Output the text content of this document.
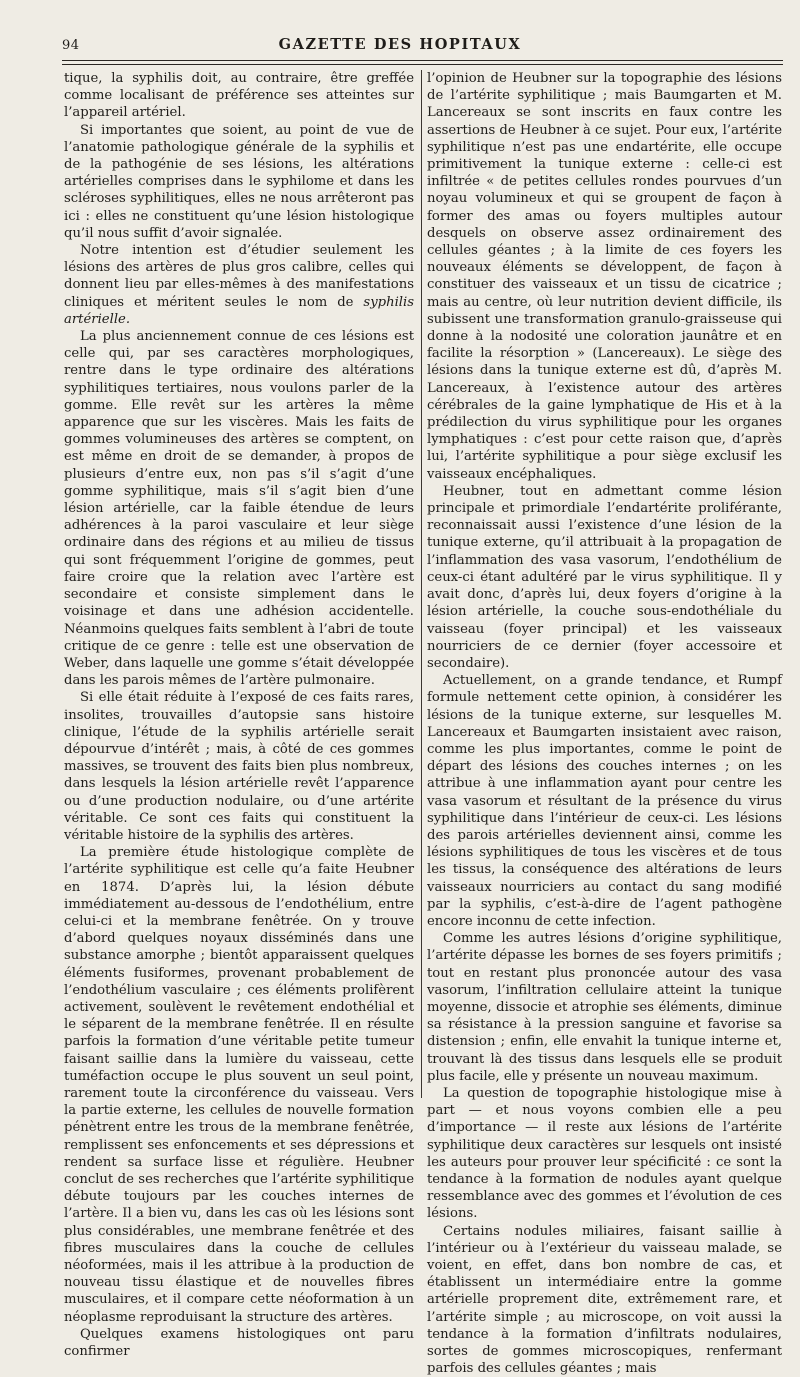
94	GAZETTE DES HOPITAUX

tique, la syphilis doit, au contraire, être greffée comme localisant de préférence ses atteintes sur l’appareil artériel.

Si importantes que soient, au point de vue de l’anatomie pathologique générale de la syphilis et de la pathogénie de ses lésions, les altérations artérielles comprises dans le syphilome et dans les scléroses syphilitiques, elles ne nous arrêteront pas ici : elles ne constituent qu’une lésion histologique qu’il nous suffit d’avoir signalée.

Notre intention est d’étudier seulement les lésions des artères de plus gros calibre, celles qui donnent lieu par elles-mêmes à des manifestations cliniques et méritent seules le nom de syphilis artérielle.

La plus anciennement connue de ces lésions est celle qui, par ses caractères morphologiques, rentre dans le type ordinaire des altérations syphilitiques tertiaires, nous voulons parler de la gomme. Elle revêt sur les artères la même apparence que sur les viscères. Mais les faits de gommes volumineuses des artères se comptent, on est même en droit de se demander, à propos de plusieurs d’entre eux, non pas s’il s’agit d’une gomme syphilitique, mais s’il s’agit bien d’une lésion artérielle, car la faible étendue de leurs adhérences à la paroi vasculaire et leur siège ordinaire dans des régions et au milieu de tissus qui sont fréquemment l’origine de gommes, peut faire croire que la relation avec l’artère est secondaire et consiste simplement dans le voisinage et dans une adhésion accidentelle. Néanmoins quelques faits semblent à l’abri de toute critique de ce genre : telle est une observation de Weber, dans laquelle une gomme s’était développée dans les parois mêmes de l’artère pulmonaire.

Si elle était réduite à l’exposé de ces faits rares, insolites, trouvailles d’autopsie sans histoire clinique, l’étude de la syphilis artérielle serait dépourvue d’intérêt ; mais, à côté de ces gommes massives, se trouvent des faits bien plus nombreux, dans lesquels la lésion artérielle revêt l’apparence ou d’une production nodulaire, ou d’une artérite véritable. Ce sont ces faits qui constituent la véritable histoire de la syphilis des artères.

La première étude histologique complète de l’artérite syphilitique est celle qu’a faite Heubner en 1874. D’après lui, la lésion débute immédiatement au-dessous de l’endothélium, entre celui-ci et la membrane fenêtrée. On y trouve d’abord quelques noyaux disséminés dans une substance amorphe ; bientôt apparaissent quelques éléments fusiformes, provenant probablement de l’endothélium vasculaire ; ces éléments prolifèrent activement, soulèvent le revêtement endothélial et le séparent de la membrane fenêtrée. Il en résulte parfois la formation d’une véritable petite tumeur faisant saillie dans la lumière du vaisseau, cette tuméfaction occupe le plus souvent un seul point, rarement toute la circonférence du vaisseau. Vers la partie externe, les cellules de nouvelle formation pénètrent entre les trous de la membrane fenêtrée, remplissent ses enfoncements et ses dépressions et rendent sa surface lisse et régulière. Heubner conclut de ses recherches que l’artérite syphilitique débute toujours par les couches internes de l’artère. Il a bien vu, dans les cas où les lésions sont plus considérables, une membrane fenêtrée et des fibres musculaires dans la couche de cellules néoformées, mais il les attribue à la production de nouveau tissu élastique et de nouvelles fibres musculaires, et il compare cette néoformation à un néoplasme reproduisant la structure des artères.

Quelques examens histologiques ont paru confirmer

l’opinion de Heubner sur la topographie des lésions de l’artérite syphilitique ; mais Baumgarten et M. Lancereaux se sont inscrits en faux contre les assertions de Heubner à ce sujet. Pour eux, l’artérite syphilitique n’est pas une endartérite, elle occupe primitivement la tunique externe : celle-ci est infiltrée « de petites cellules rondes pourvues d’un noyau volumineux et qui se groupent de façon à former des amas ou foyers multiples autour desquels on observe assez ordinairement des cellules géantes ; à la limite de ces foyers les nouveaux éléments se développent, de façon à constituer des vaisseaux et un tissu de cicatrice ; mais au centre, où leur nutrition devient difficile, ils subissent une transformation granulo-graisseuse qui donne à la nodosité une coloration jaunâtre et en facilite la résorption » (Lancereaux). Le siège des lésions dans la tunique externe est dû, d’après M. Lancereaux, à l’existence autour des artères cérébrales de la gaine lymphatique de His et à la prédilection du virus syphilitique pour les organes lymphatiques : c’est pour cette raison que, d’après lui, l’artérite syphilitique a pour siège exclusif les vaisseaux encéphaliques.

Heubner, tout en admettant comme lésion principale et primordiale l’endartérite proliférante, reconnaissait aussi l’existence d’une lésion de la tunique externe, qu’il attribuait à la propagation de l’inflammation des vasa vasorum, l’endothélium de ceux-ci étant adultéré par le virus syphilitique. Il y avait donc, d’après lui, deux foyers d’origine à la lésion artérielle, la couche sous-endothéliale du vaisseau (foyer principal) et les vaisseaux nourriciers de ce dernier (foyer accessoire et secondaire).

Actuellement, on a grande tendance, et Rumpf formule nettement cette opinion, à considérer les lésions de la tunique externe, sur lesquelles M. Lancereaux et Baumgarten insistaient avec raison, comme les plus importantes, comme le point de départ des lésions des couches internes ; on les attribue à une inflammation ayant pour centre les vasa vasorum et résultant de la présence du virus syphilitique dans l’intérieur de ceux-ci. Les lésions des parois artérielles deviennent ainsi, comme les lésions syphilitiques de tous les viscères et de tous les tissus, la conséquence des altérations de leurs vaisseaux nourriciers au contact du sang modifié par la syphilis, c’est-à-dire de l’agent pathogène encore inconnu de cette infection.

Comme les autres lésions d’origine syphilitique, l’artérite dépasse les bornes de ses foyers primitifs ; tout en restant plus prononcée autour des vasa vasorum, l’infiltration cellulaire atteint la tunique moyenne, dissocie et atrophie ses éléments, diminue sa résistance à la pression sanguine et favorise sa distension ; enfin, elle envahit la tunique interne et, trouvant là des tissus dans lesquels elle se produit plus facile, elle y présente un nouveau maximum.

La question de topographie histologique mise à part — et nous voyons combien elle a peu d’importance — il reste aux lésions de l’artérite syphilitique deux caractères sur lesquels ont insisté les auteurs pour prouver leur spécificité : ce sont la tendance à la formation de nodules ayant quelque ressemblance avec des gommes et l’évolution de ces lésions.

Certains nodules miliaires, faisant saillie à l’intérieur ou à l’extérieur du vaisseau malade, se voient, en effet, dans bon nombre de cas, et établissent un intermédiaire entre la gomme artérielle proprement dite, extrêmement rare, et l’artérite simple ; au microscope, on voit aussi la tendance à la formation d’infiltrats nodulaires, sortes de gommes microscopiques, renfermant parfois des cellules géantes ; mais
